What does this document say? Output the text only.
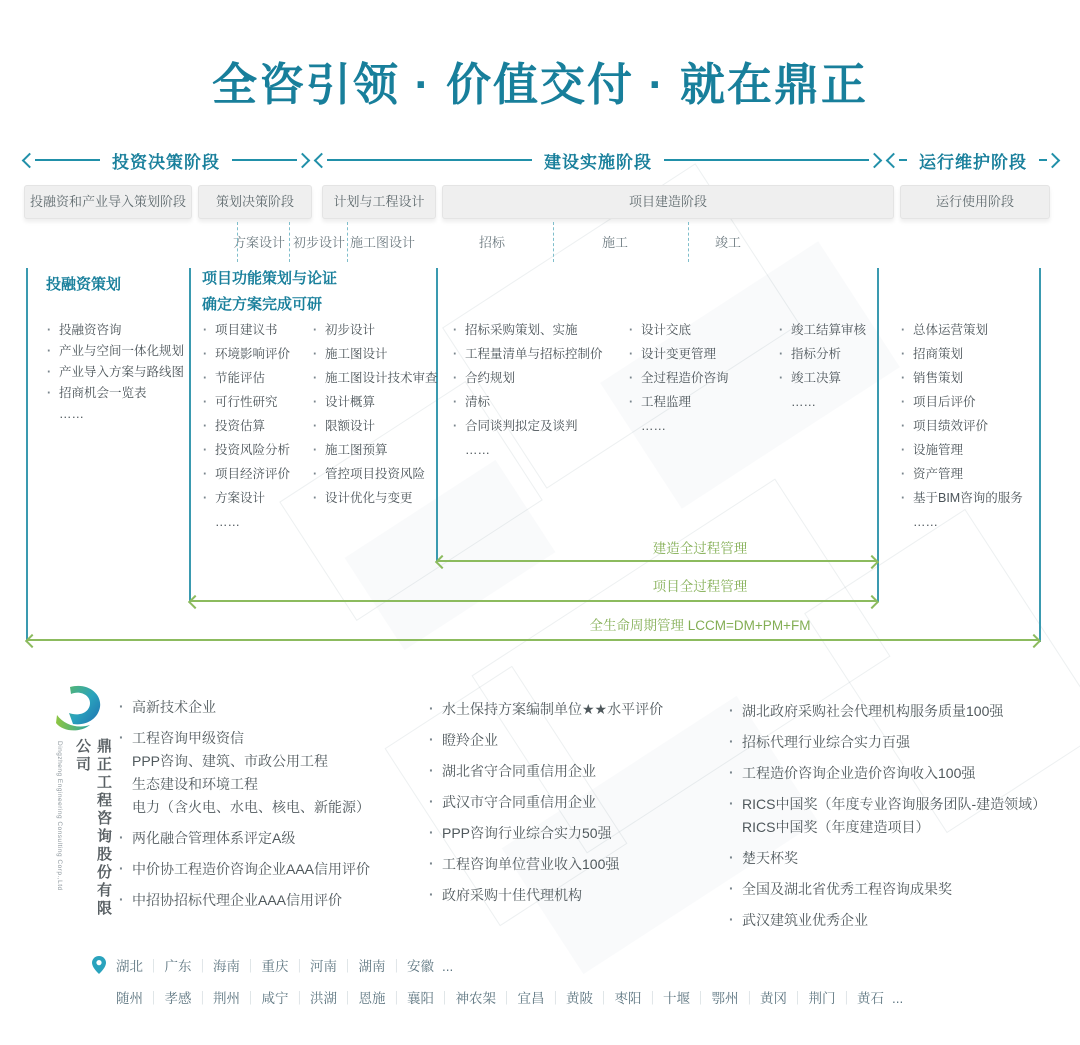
全咨引领 · 价值交付 · 就在鼎正
投资决策阶段	建设实施阶段	运行维护阶段
投融资和产业导入策划阶段	策划决策阶段	计划与工程设计	项目建造阶段	运行使用阶段
方案设计 初步设计 施工图设计	招标	施工	竣工
投融资策划	项目功能策划与论证
确定方案完成可研
· 投融资咨询
· 产业与空间一体化规划
· 产业导入方案与路线图
· 招商机会一览表
……
· 项目建议书
· 环境影响评价
· 节能评估
· 可行性研究
· 投资估算
· 投资风险分析
· 项目经济评价
· 方案设计
……
· 初步设计
· 施工图设计
· 施工图设计技术审查
· 设计概算
· 限额设计
· 施工图预算
· 管控项目投资风险
· 设计优化与变更
· 招标采购策划、实施
· 工程量清单与招标控制价
· 合约规划
· 清标
· 合同谈判拟定及谈判
……
· 设计交底
· 设计变更管理
· 全过程造价咨询
· 工程监理
……
· 竣工结算审核
· 指标分析
· 竣工决算
……
· 总体运营策划
· 招商策划
· 销售策划
· 项目后评价
· 项目绩效评价
· 设施管理
· 资产管理
· 基于BIM咨询的服务
……
建造全过程管理
项目全过程管理
全生命周期管理 LCCM=DM+PM+FM
Dingzheng Engineering Consulting Corp.,Ltd	鼎正工程咨询股份有限公司
· 高新技术企业
· 工程咨询甲级资信
PPP咨询、建筑、市政公用工程
生态建设和环境工程
电力（含火电、水电、核电、新能源）
· 两化融合管理体系评定A级
· 中价协工程造价咨询企业AAA信用评价
· 中招协招标代理企业AAA信用评价
· 水土保持方案编制单位★★水平评价
· 瞪羚企业
· 湖北省守合同重信用企业
· 武汉市守合同重信用企业
· PPP咨询行业综合实力50强
· 工程咨询单位营业收入100强
· 政府采购十佳代理机构
· 湖北政府采购社会代理机构服务质量100强
· 招标代理行业综合实力百强
· 工程造价咨询企业造价咨询收入100强
· RICS中国奖（年度专业咨询服务团队-建造领域）
RICS中国奖（年度建造项目）
· 楚天杯奖
· 全国及湖北省优秀工程咨询成果奖
· 武汉建筑业优秀企业
湖北 ｜ 广东 ｜ 海南 ｜ 重庆 ｜ 河南 ｜ 湖南 ｜ 安徽 ...
随州 ｜ 孝感 ｜ 荆州 ｜ 咸宁 ｜ 洪湖 ｜ 恩施 ｜ 襄阳 ｜ 神农架 ｜ 宜昌 ｜ 黄陂 ｜ 枣阳 ｜ 十堰 ｜ 鄂州 ｜ 黄冈 ｜ 荆门 ｜ 黄石 ...
